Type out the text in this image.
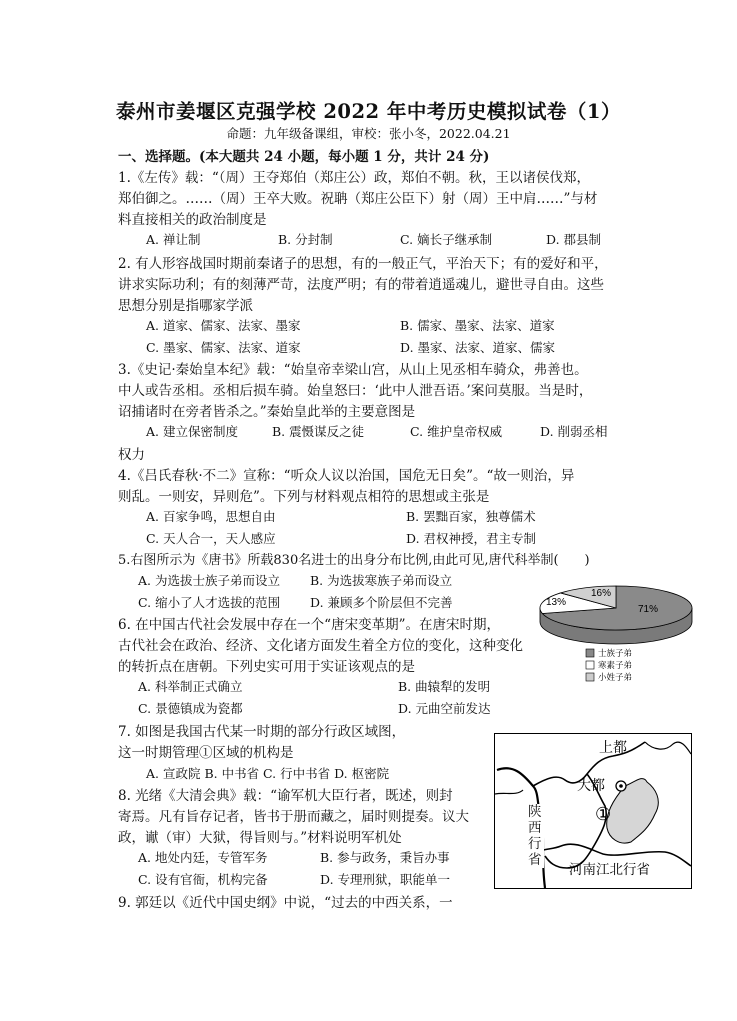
泰州市姜堰区克强学校 2022 年中考历史模拟试卷（1）
命题：九年级备课组，审校：张小冬，2022.04.21
一、选择题。(本大题共 24 小题，每小题 1 分，共计 24 分)
1.《左传》载：“（周）王夺郑伯（郑庄公）政，郑伯不朝。秋，王以诸侯伐郑，
郑伯御之。……（周）王卒大败。祝聃（郑庄公臣下）射（周）王中肩……”与材
料直接相关的政治制度是
A. 禅让制	B. 分封制	C. 嫡长子继承制	D. 郡县制
2. 有人形容战国时期前秦诸子的思想，有的一般正气，平治天下；有的爱好和平，
讲求实际功利；有的刻薄严苛，法度严明；有的带着逍遥魂儿，避世寻自由。这些
思想分别是指哪家学派
A. 道家、儒家、法家、墨家	B. 儒家、墨家、法家、道家
C. 墨家、儒家、法家、道家	D. 墨家、法家、道家、儒家
3.《史记·秦始皇本纪》载：“始皇帝幸梁山宫，从山上见丞相车骑众，弗善也。
中人或告丞相。丞相后损车骑。始皇怒曰：‘此中人泄吾语。’案问莫服。当是时，
诏捕诸时在旁者皆杀之。”秦始皇此举的主要意图是
A. 建立保密制度	B. 震慑谋反之徒	C. 维护皇帝权威	D. 削弱丞相
权力
4.《吕氏春秋·不二》宣称：“听众人议以治国，国危无日矣”。“故一则治，异
则乱。一则安，异则危”。下列与材料观点相符的思想或主张是
A. 百家争鸣，思想自由	B. 罢黜百家，独尊儒术
C. 天人合一，天人感应	D. 君权神授，君主专制
5.右图所示为《唐书》所载830名进士的出身分布比例,由此可见,唐代科举制(　　)
A. 为选拔士族子弟而设立 B. 为选拔寒族子弟而设立
C. 缩小了人才选拔的范围 D. 兼顾多个阶层但不完善	71%
16%
13%
士族子弟
寒素子弟
小姓子弟
6. 在中国古代社会发展中存在一个“唐宋变革期”。在唐宋时期，
古代社会在政治、经济、文化诸方面发生着全方位的变化，这种变化
的转折点在唐朝。下列史实可用于实证该观点的是
A. 科举制正式确立	B. 曲辕犁的发明
C. 景德镇成为瓷都	D. 元曲空前发达
7. 如图是我国古代某一时期的部分行政区域图，
这一时期管理①区域的机构是
A. 宣政院 B. 中书省 C. 行中书省 D. 枢密院
8. 光绪《大清会典》载：“谕军机大臣行者，既述，则封
寄焉。凡有旨存记者，皆书于册而藏之，届时则提奏。议大
政，谳（审）大狱，得旨则与。”材料说明军机处
A. 地处内廷，专管军务	B. 参与政务，秉旨办事
C. 设有官衙，机构完备	D. 专理刑狱，职能单一
9. 郭廷以《近代中国史纲》中说，“过去的中西关系，一
上都
大都
①
河南江北行省
陕西行省
